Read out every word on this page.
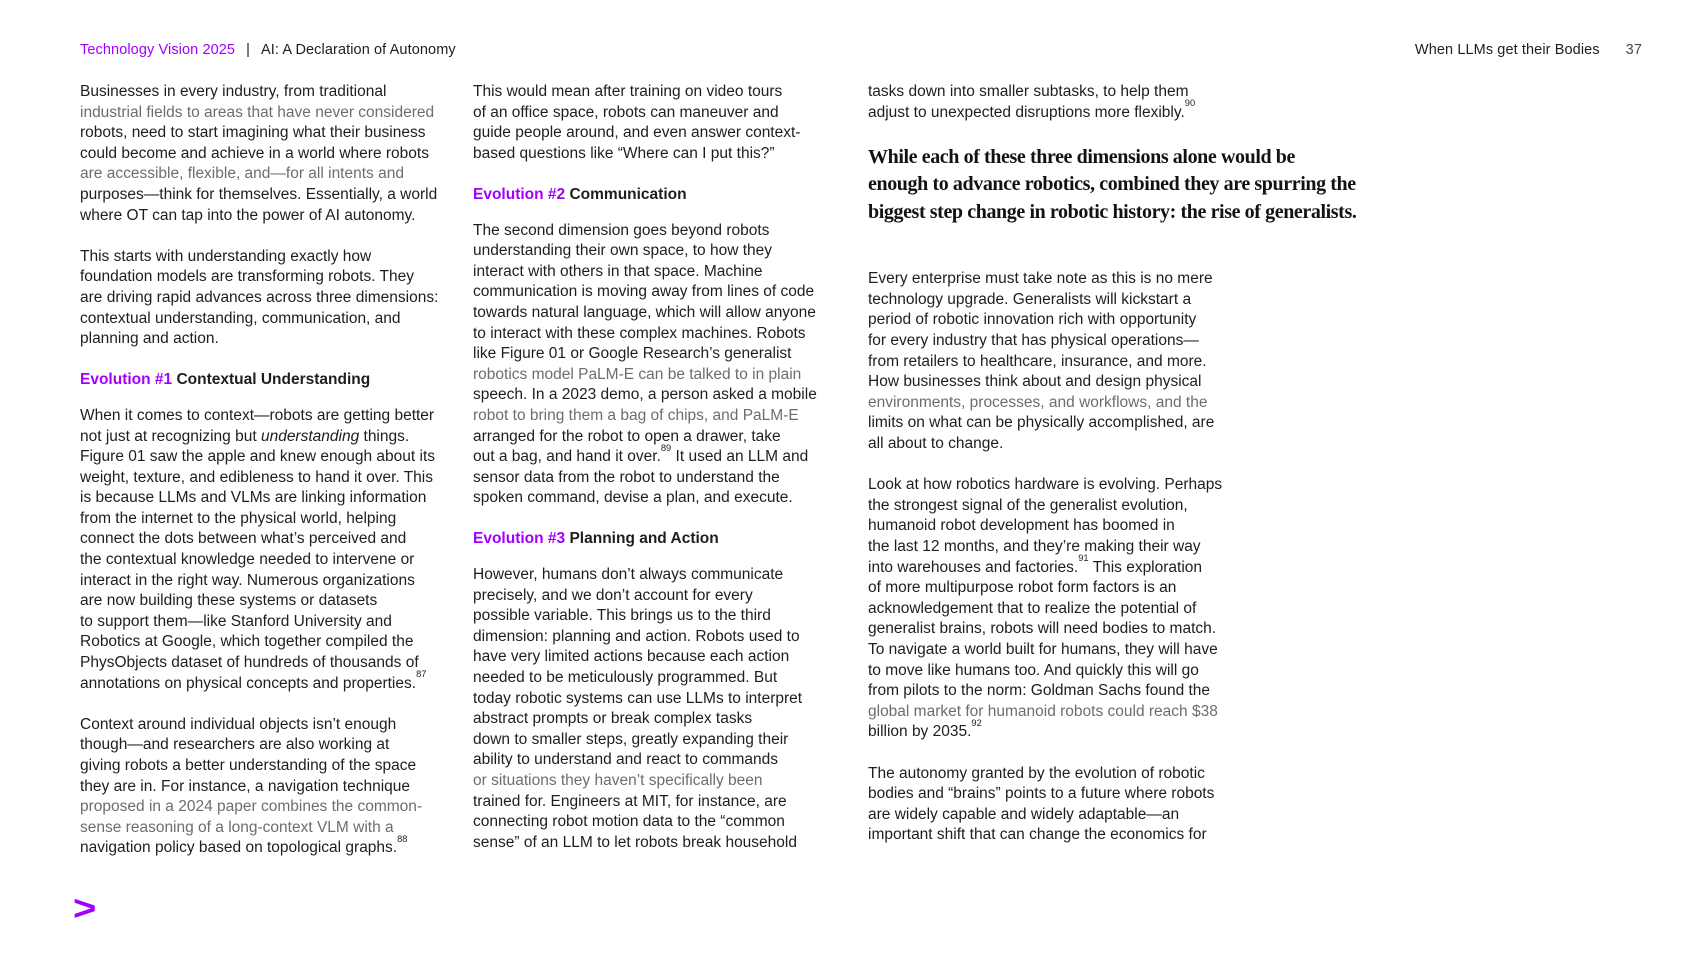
Technology Vision 2025 | AI: A Declaration of Autonomy	When LLMs get their Bodies 37
Businesses in every industry, from traditional
industrial fields to areas that have never considered
robots, need to start imagining what their business
could become and achieve in a world where robots
are accessible, flexible, and—for all intents and
purposes—think for themselves. Essentially, a world
where OT can tap into the power of AI autonomy.
This starts with understanding exactly how
foundation models are transforming robots. They
are driving rapid advances across three dimensions:
contextual understanding, communication, and
planning and action.
Evolution #1 Contextual Understanding
When it comes to context—robots are getting better
not just at recognizing but understanding things.
Figure 01 saw the apple and knew enough about its
weight, texture, and edibleness to hand it over. This
is because LLMs and VLMs are linking information
from the internet to the physical world, helping
connect the dots between what’s perceived and
the contextual knowledge needed to intervene or
interact in the right way. Numerous organizations
are now building these systems or datasets
to support them—like Stanford University and
Robotics at Google, which together compiled the
PhysObjects dataset of hundreds of thousands of
annotations on physical concepts and properties.$^{87}$
Context around individual objects isn’t enough
though—and researchers are also working at
giving robots a better understanding of the space
they are in. For instance, a navigation technique
proposed in a 2024 paper combines the common-
sense reasoning of a long-context VLM with a
navigation policy based on topological graphs.$^{88}$
This would mean after training on video tours
of an office space, robots can maneuver and
guide people around, and even answer context-
based questions like “Where can I put this?”
Evolution #2 Communication
The second dimension goes beyond robots
understanding their own space, to how they
interact with others in that space. Machine
communication is moving away from lines of code
towards natural language, which will allow anyone
to interact with these complex machines. Robots
like Figure 01 or Google Research’s generalist
robotics model PaLM-E can be talked to in plain
speech. In a 2023 demo, a person asked a mobile
robot to bring them a bag of chips, and PaLM-E
arranged for the robot to open a drawer, take
out a bag, and hand it over.$^{89}$ It used an LLM and
sensor data from the robot to understand the
spoken command, devise a plan, and execute.
Evolution #3 Planning and Action
However, humans don’t always communicate
precisely, and we don’t account for every
possible variable. This brings us to the third
dimension: planning and action. Robots used to
have very limited actions because each action
needed to be meticulously programmed. But
today robotic systems can use LLMs to interpret
abstract prompts or break complex tasks
down to smaller steps, greatly expanding their
ability to understand and react to commands
or situations they haven’t specifically been
trained for. Engineers at MIT, for instance, are
connecting robot motion data to the “common
sense” of an LLM to let robots break household
tasks down into smaller subtasks, to help them
adjust to unexpected disruptions more flexibly.$^{90}$
While each of these three dimensions alone would be
enough to advance robotics, combined they are spurring the
biggest step change in robotic history: the rise of generalists.
Every enterprise must take note as this is no mere
technology upgrade. Generalists will kickstart a
period of robotic innovation rich with opportunity
for every industry that has physical operations—
from retailers to healthcare, insurance, and more.
How businesses think about and design physical
environments, processes, and workflows, and the
limits on what can be physically accomplished, are
all about to change.
Look at how robotics hardware is evolving. Perhaps
the strongest signal of the generalist evolution,
humanoid robot development has boomed in
the last 12 months, and they’re making their way
into warehouses and factories.$^{91}$ This exploration
of more multipurpose robot form factors is an
acknowledgement that to realize the potential of
generalist brains, robots will need bodies to match.
To navigate a world built for humans, they will have
to move like humans too. And quickly this will go
from pilots to the norm: Goldman Sachs found the
global market for humanoid robots could reach $38
billion by 2035.92
The autonomy granted by the evolution of robotic
bodies and “brains” points to a future where robots
are widely capable and widely adaptable—an
important shift that can change the economics for
>
